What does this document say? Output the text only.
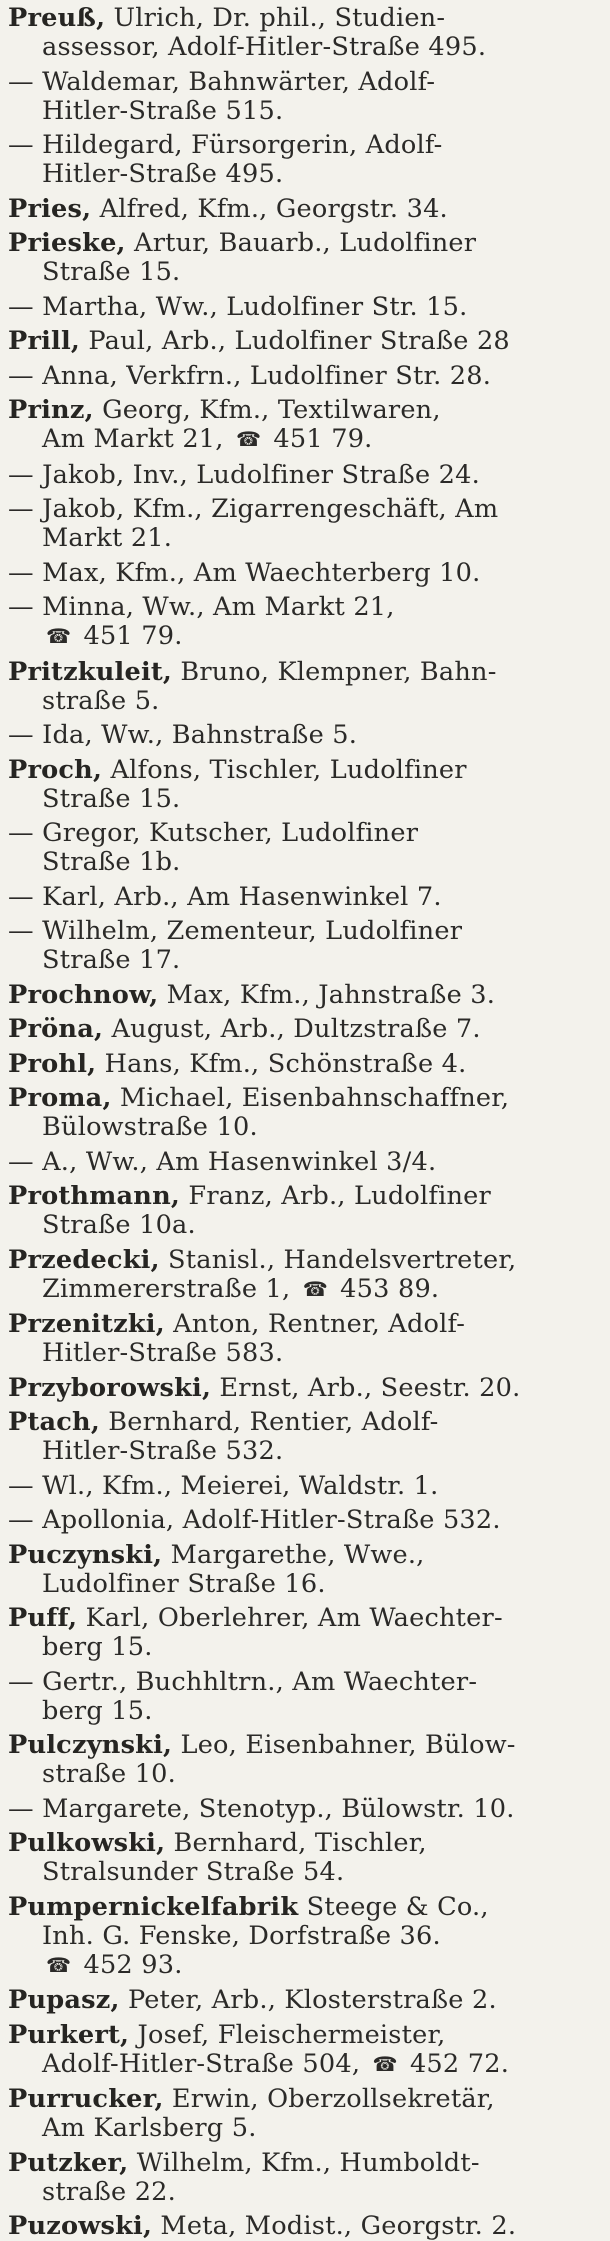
Preuß, Ulrich, Dr. phil., Studien-
assessor, Adolf-Hitler-Straße 495.
— Waldemar, Bahnwärter, Adolf-
Hitler-Straße 515.
— Hildegard, Fürsorgerin, Adolf-
Hitler-Straße 495.
Pries, Alfred, Kfm., Georgstr. 34.
Prieske, Artur, Bauarb., Ludolfiner
Straße 15.
— Martha, Ww., Ludolfiner Str. 15.
Prill, Paul, Arb., Ludolfiner Straße 28
— Anna, Verkfrn., Ludolfiner Str. 28.
Prinz, Georg, Kfm., Textilwaren,
Am Markt 21, ☎ 451 79.
— Jakob, Inv., Ludolfiner Straße 24.
— Jakob, Kfm., Zigarrengeschäft, Am
Markt 21.
— Max, Kfm., Am Waechterberg 10.
— Minna, Ww., Am Markt 21,
☎ 451 79.
Pritzkuleit, Bruno, Klempner, Bahn-
straße 5.
— Ida, Ww., Bahnstraße 5.
Proch, Alfons, Tischler, Ludolfiner
Straße 15.
— Gregor, Kutscher, Ludolfiner
Straße 1b.
— Karl, Arb., Am Hasenwinkel 7.
— Wilhelm, Zementeur, Ludolfiner
Straße 17.
Prochnow, Max, Kfm., Jahnstraße 3.
Pröna, August, Arb., Dultzstraße 7.
Prohl, Hans, Kfm., Schönstraße 4.
Proma, Michael, Eisenbahnschaffner,
Bülowstraße 10.
— A., Ww., Am Hasenwinkel 3/4.
Prothmann, Franz, Arb., Ludolfiner
Straße 10a.
Przedecki, Stanisl., Handelsvertreter,
Zimmererstraße 1, ☎ 453 89.
Przenitzki, Anton, Rentner, Adolf-
Hitler-Straße 583.
Przyborowski, Ernst, Arb., Seestr. 20.
Ptach, Bernhard, Rentier, Adolf-
Hitler-Straße 532.
— Wl., Kfm., Meierei, Waldstr. 1.
— Apollonia, Adolf-Hitler-Straße 532.
Puczynski, Margarethe, Wwe.,
Ludolfiner Straße 16.
Puff, Karl, Oberlehrer, Am Waechter-
berg 15.
— Gertr., Buchhltrn., Am Waechter-
berg 15.
Pulczynski, Leo, Eisenbahner, Bülow-
straße 10.
— Margarete, Stenotyp., Bülowstr. 10.
Pulkowski, Bernhard, Tischler,
Stralsunder Straße 54.
Pumpernickelfabrik Steege & Co.,
Inh. G. Fenske, Dorfstraße 36.
☎ 452 93.
Pupasz, Peter, Arb., Klosterstraße 2.
Purkert, Josef, Fleischermeister,
Adolf-Hitler-Straße 504, ☎ 452 72.
Purrucker, Erwin, Oberzollsekretär,
Am Karlsberg 5.
Putzker, Wilhelm, Kfm., Humboldt-
straße 22.
Puzowski, Meta, Modist., Georgstr. 2.
